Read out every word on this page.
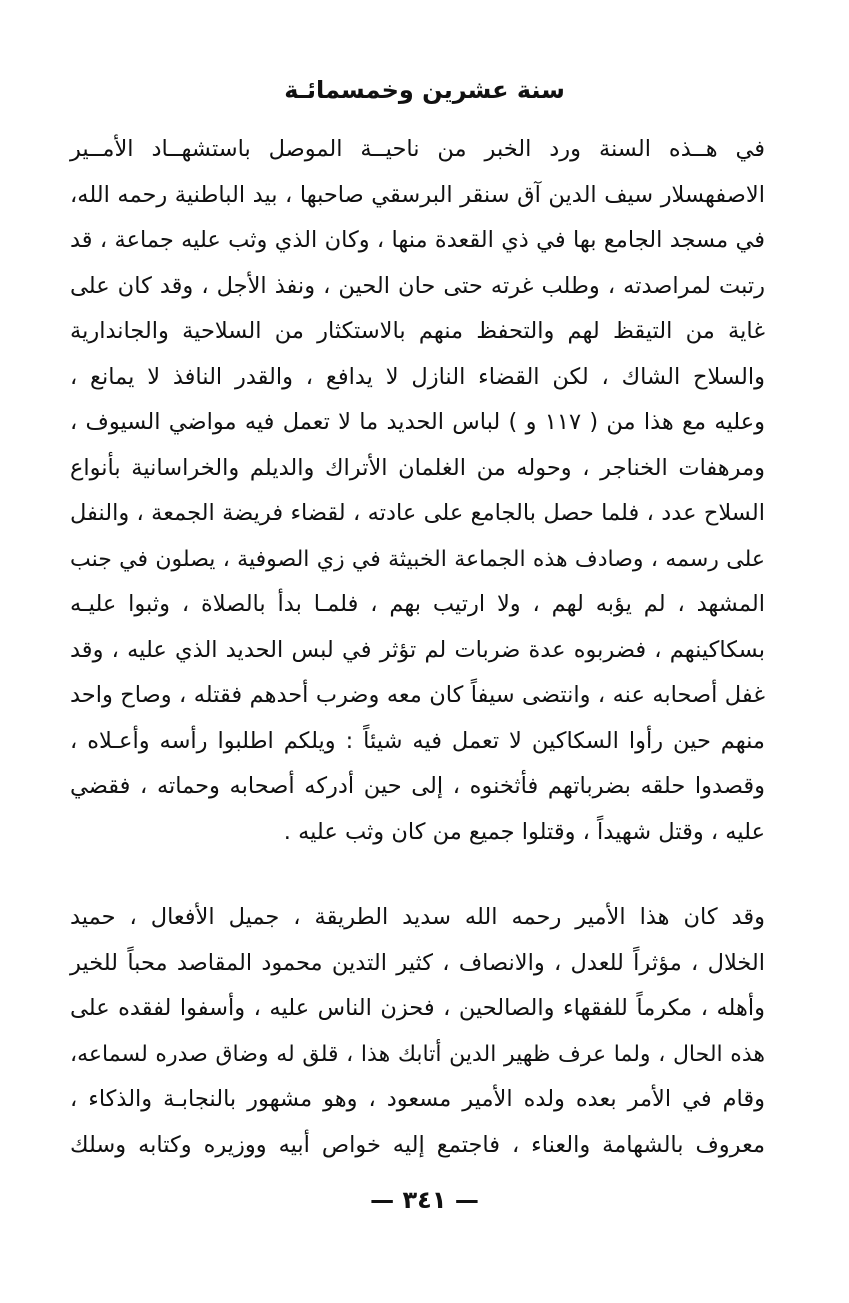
سنة عشرين وخمسمائـة

في هــذه السنة ورد الخبر من ناحيــة الموصل باستشهــاد الأمــير
الاصفهسلار سيف الدين آق سنقر البرسقي صاحبها ، بيد الباطنية رحمه الله،
في مسجد الجامع بها في ذي القعدة منها ، وكان الذي وثب عليه جماعة ، قد
رتبت لمراصدته ، وطلب غرته حتى حان الحين ، ونفذ الأجل ، وقد كان على
غاية من التيقظ لهم والتحفظ منهم بالاستكثار من السلاحية والجاندارية
والسلاح الشاك ، لكن القضاء النازل لا يدافع ، والقدر النافذ لا يمانع ،
وعليه مع هذا من ( ١١٧ و ) لباس الحديد ما لا تعمل فيه مواضي السيوف ،
ومرهفات الخناجر ، وحوله من الغلمان الأتراك والديلم والخراسانية بأنواع
السلاح عدد ، فلما حصل بالجامع على عادته ، لقضاء فريضة الجمعة ، والنفل
على رسمه ، وصادف هذه الجماعة الخبيثة في زي الصوفية ، يصلون في جنب
المشهد ، لم يؤبه لهم ، ولا ارتيب بهم ، فلمـا بدأ بالصلاة ، وثبوا عليـه
بسكاكينهم ، فضربوه عدة ضربات لم تؤثر في لبس الحديد الذي عليه ، وقد
غفل أصحابه عنه ، وانتضى سيفاً كان معه وضرب أحدهم فقتله ، وصاح واحد
منهم حين رأوا السكاكين لا تعمل فيه شيئاً : ويلكم اطلبوا رأسه وأعـلاه ،
وقصدوا حلقه بضرباتهم فأثخنوه ، إلى حين أدركه أصحابه وحماته ، فقضي
عليه ، وقتل شهيداً ، وقتلوا جميع من كان وثب عليه .

وقد كان هذا الأمير رحمه الله سديد الطريقة ، جميل الأفعال ، حميد
الخلال ، مؤثراً للعدل ، والانصاف ، كثير التدين محمود المقاصد محباً للخير
وأهله ، مكرماً للفقهاء والصالحين ، فحزن الناس عليه ، وأسفوا لفقده على
هذه الحال ، ولما عرف ظهير الدين أتابك هذا ، قلق له وضاق صدره لسماعه،
وقام في الأمر بعده ولده الأمير مسعود ، وهو مشهور بالنجابـة والذكاء ،
معروف بالشهامة والعناء ، فاجتمع إليه خواص أبيه ووزيره وكتابه وسلك

— ٣٤١ —
